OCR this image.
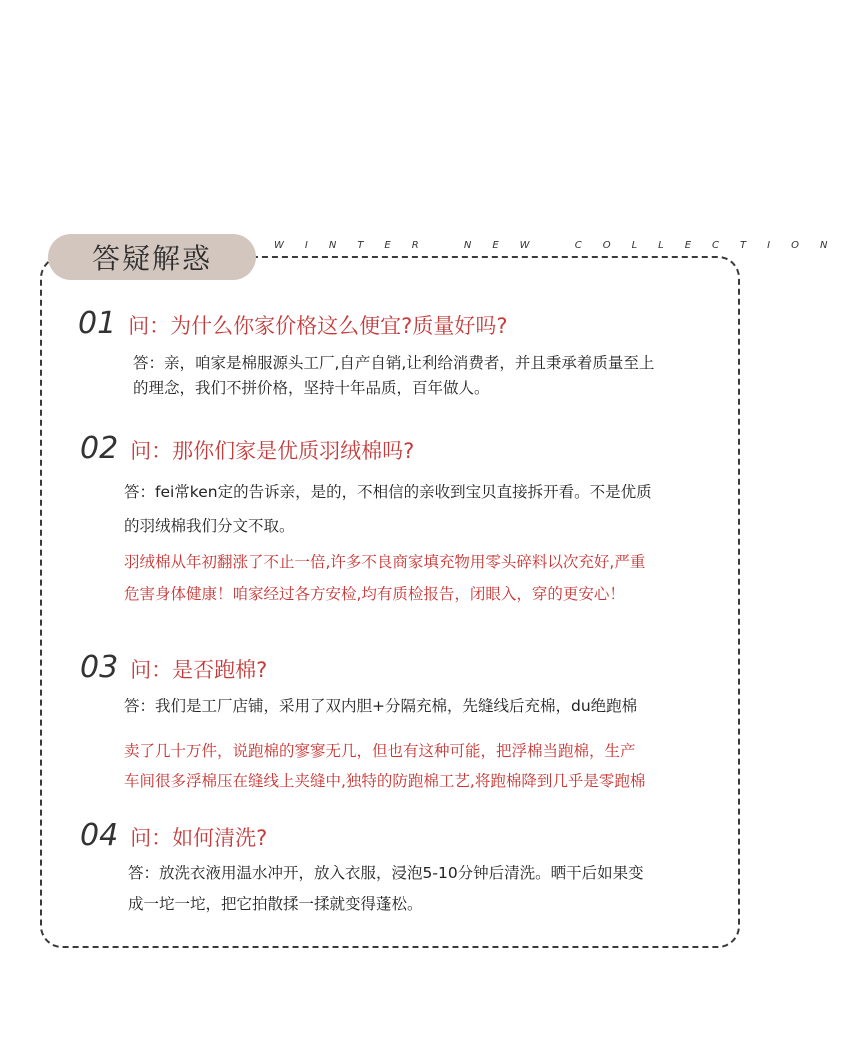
答疑解惑	WINTER NEW COLLECTION
01 问：为什么你家价格这么便宜?质量好吗?
答：亲，咱家是棉服源头工厂,自产自销,让利给消费者，并且秉承着质量至上
的理念，我们不拼价格，坚持十年品质，百年做人。
02 问：那你们家是优质羽绒棉吗?
答：fei常ken定的告诉亲，是的，不相信的亲收到宝贝直接拆开看。不是优质
的羽绒棉我们分文不取。
羽绒棉从年初翻涨了不止一倍,许多不良商家填充物用零头碎料以次充好,严重
危害身体健康！咱家经过各方安检,均有质检报告，闭眼入，穿的更安心！
03 问：是否跑棉?
答：我们是工厂店铺，采用了双内胆+分隔充棉，先缝线后充棉，du绝跑棉
卖了几十万件，说跑棉的寥寥无几，但也有这种可能，把浮棉当跑棉，生产
车间很多浮棉压在缝线上夹缝中,独特的防跑棉工艺,将跑棉降到几乎是零跑棉
04 问：如何清洗?
答：放洗衣液用温水冲开，放入衣服，浸泡5-10分钟后清洗。晒干后如果变
成一坨一坨，把它拍散揉一揉就变得蓬松。
